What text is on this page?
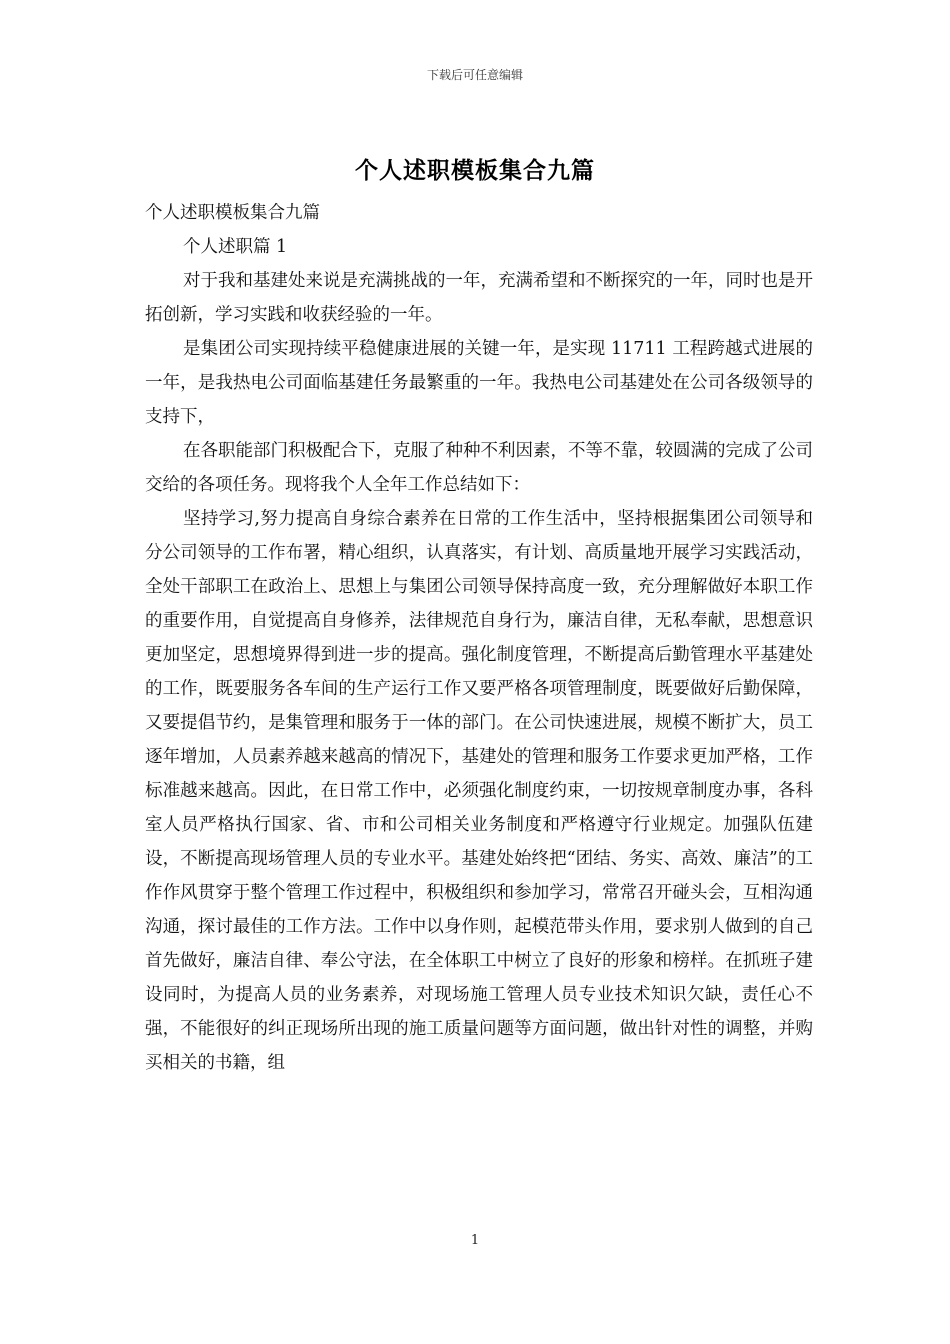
下载后可任意编辑
个人述职模板集合九篇

个人述职模板集合九篇

个人述职篇 1

对于我和基建处来说是充满挑战的一年，充满希望和不断探究的一年，同时也是开拓创新，学习实践和收获经验的一年。

是集团公司实现持续平稳健康进展的关键一年，是实现 11711 工程跨越式进展的一年，是我热电公司面临基建任务最繁重的一年。我热电公司基建处在公司各级领导的支持下，

在各职能部门积极配合下，克服了种种不利因素，不等不靠，较圆满的完成了公司交给的各项任务。现将我个人全年工作总结如下：

坚持学习,努力提高自身综合素养在日常的工作生活中，坚持根据集团公司领导和分公司领导的工作布署，精心组织，认真落实，有计划、高质量地开展学习实践活动，全处干部职工在政治上、思想上与集团公司领导保持高度一致，充分理解做好本职工作的重要作用，自觉提高自身修养，法律规范自身行为，廉洁自律，无私奉献，思想意识更加坚定，思想境界得到进一步的提高。强化制度管理，不断提高后勤管理水平基建处的工作，既要服务各车间的生产运行工作又要严格各项管理制度，既要做好后勤保障，又要提倡节约，是集管理和服务于一体的部门。在公司快速进展，规模不断扩大，员工逐年增加，人员素养越来越高的情况下，基建处的管理和服务工作要求更加严格，工作标准越来越高。因此，在日常工作中，必须强化制度约束，一切按规章制度办事，各科室人员严格执行国家、省、市和公司相关业务制度和严格遵守行业规定。加强队伍建设，不断提高现场管理人员的专业水平。基建处始终把“团结、务实、高效、廉洁”的工作作风贯穿于整个管理工作过程中，积极组织和参加学习，常常召开碰头会，互相沟通沟通，探讨最佳的工作方法。工作中以身作则，起模范带头作用，要求别人做到的自己首先做好，廉洁自律、奉公守法，在全体职工中树立了良好的形象和榜样。在抓班子建设同时，为提高人员的业务素养，对现场施工管理人员专业技术知识欠缺，责任心不强，不能很好的纠正现场所出现的施工质量问题等方面问题，做出针对性的调整，并购买相关的书籍，组

1
